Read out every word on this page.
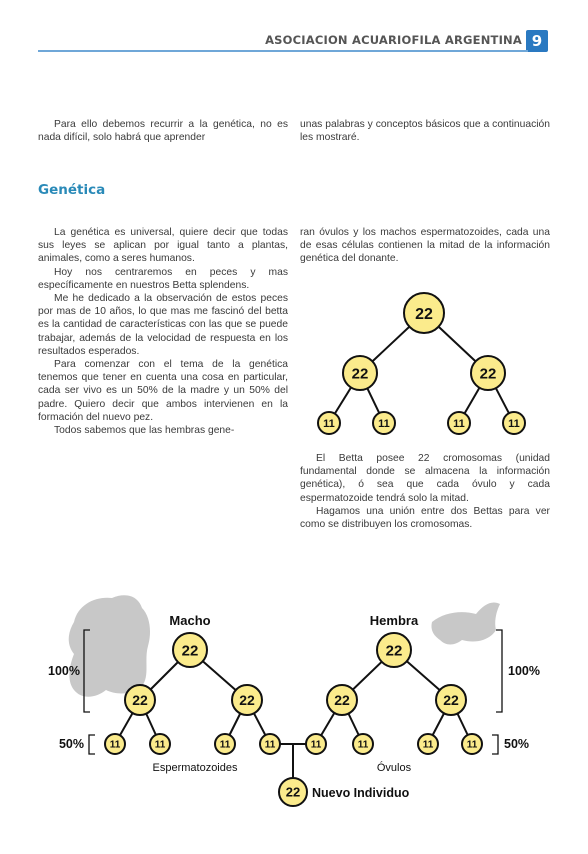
ASOCIACION ACUARIOFILA ARGENTINA 9

Para ello debemos recurrir a la genética, no es nada difícil, solo habrá que aprender

unas palabras y conceptos básicos que a continuación les mostraré.

Genética

La genética es universal, quiere decir que todas sus leyes se aplican por igual tanto a plantas, animales, como a seres humanos.

Hoy nos centraremos en peces y mas específicamente en nuestros Betta splendens.

Me he dedicado a la observación de estos peces por mas de 10 años, lo que mas me fascinó del betta es la cantidad de características con las que se puede trabajar, además de la velocidad de respuesta en los resultados esperados.

Para comenzar con el tema de la genética tenemos que tener en cuenta una cosa en particular, cada ser vivo es un 50% de la madre y un 50% del padre. Quiero decir que ambos intervienen en la formación del nuevo pez.

Todos sabemos que las hembras gene-

ran óvulos y los machos espermatozoides, cada una de esas células contienen la mitad de la información genética del donante.

El Betta posee 22 cromosomas (unidad fundamental donde se almacena la información genética), ó sea que cada óvulo y cada espermatozoide tendrá solo la mitad.

Hagamos una unión entre dos Bettas para ver como se distribuyen los cromosomas.

22
22	22
11	11	11	11
22	22
22	22	22	22
11	11	11	11	11	11	11	11
22
Macho	Hembra
100%	100%
50%	50%
Espermatozoides	Óvulos
Nuevo Individuo
